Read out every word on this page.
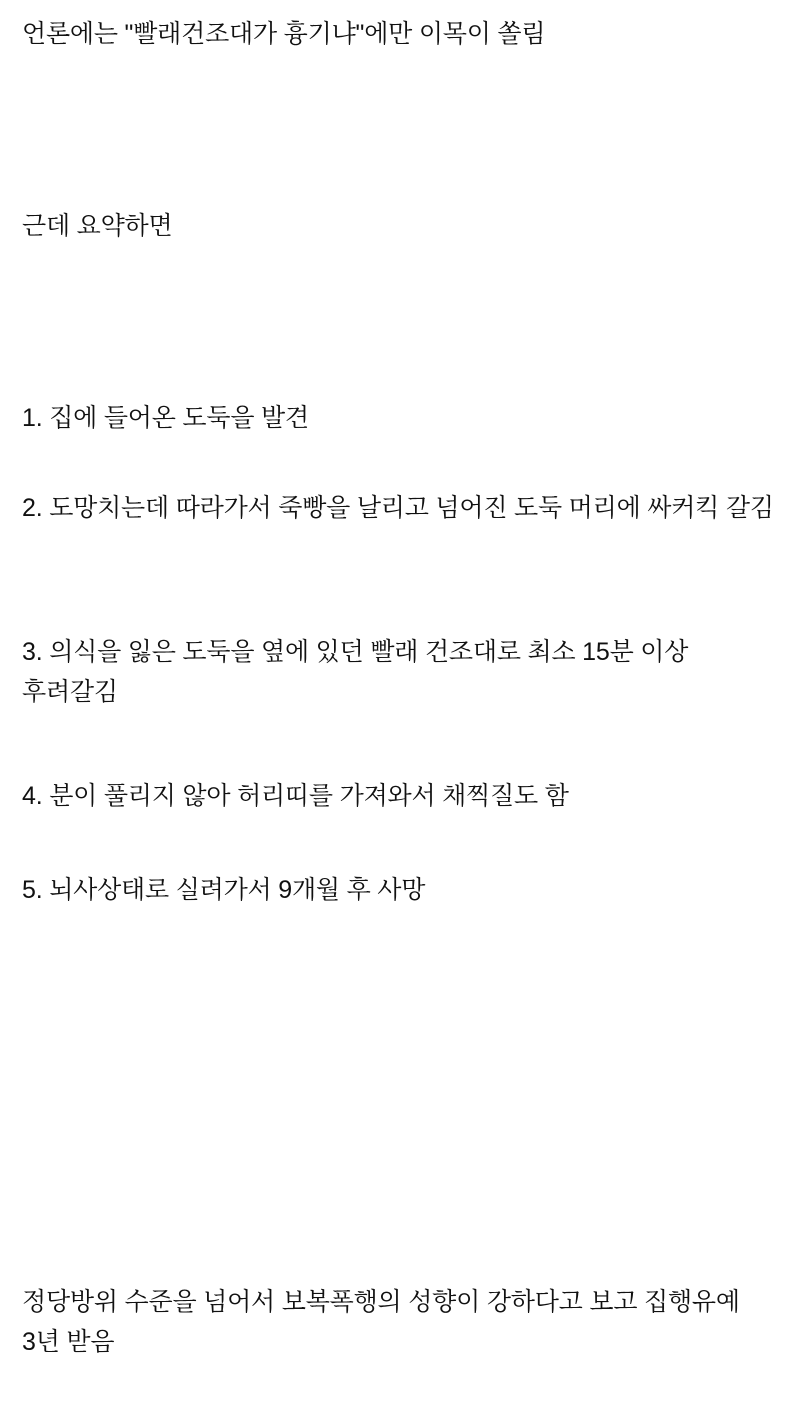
언론에는 "빨래건조대가 흉기냐"에만 이목이 쏠림
근데 요약하면
1. 집에 들어온 도둑을 발견
2. 도망치는데 따라가서 죽빵을 날리고 넘어진 도둑 머리에 싸커킥 갈김
3. 의식을 잃은 도둑을 옆에 있던 빨래 건조대로 최소 15분 이상 후려갈김
4. 분이 풀리지 않아 허리띠를 가져와서 채찍질도 함
5. 뇌사상태로 실려가서 9개월 후 사망
정당방위 수준을 넘어서 보복폭행의 성향이 강하다고 보고 집행유예 3년 받음
